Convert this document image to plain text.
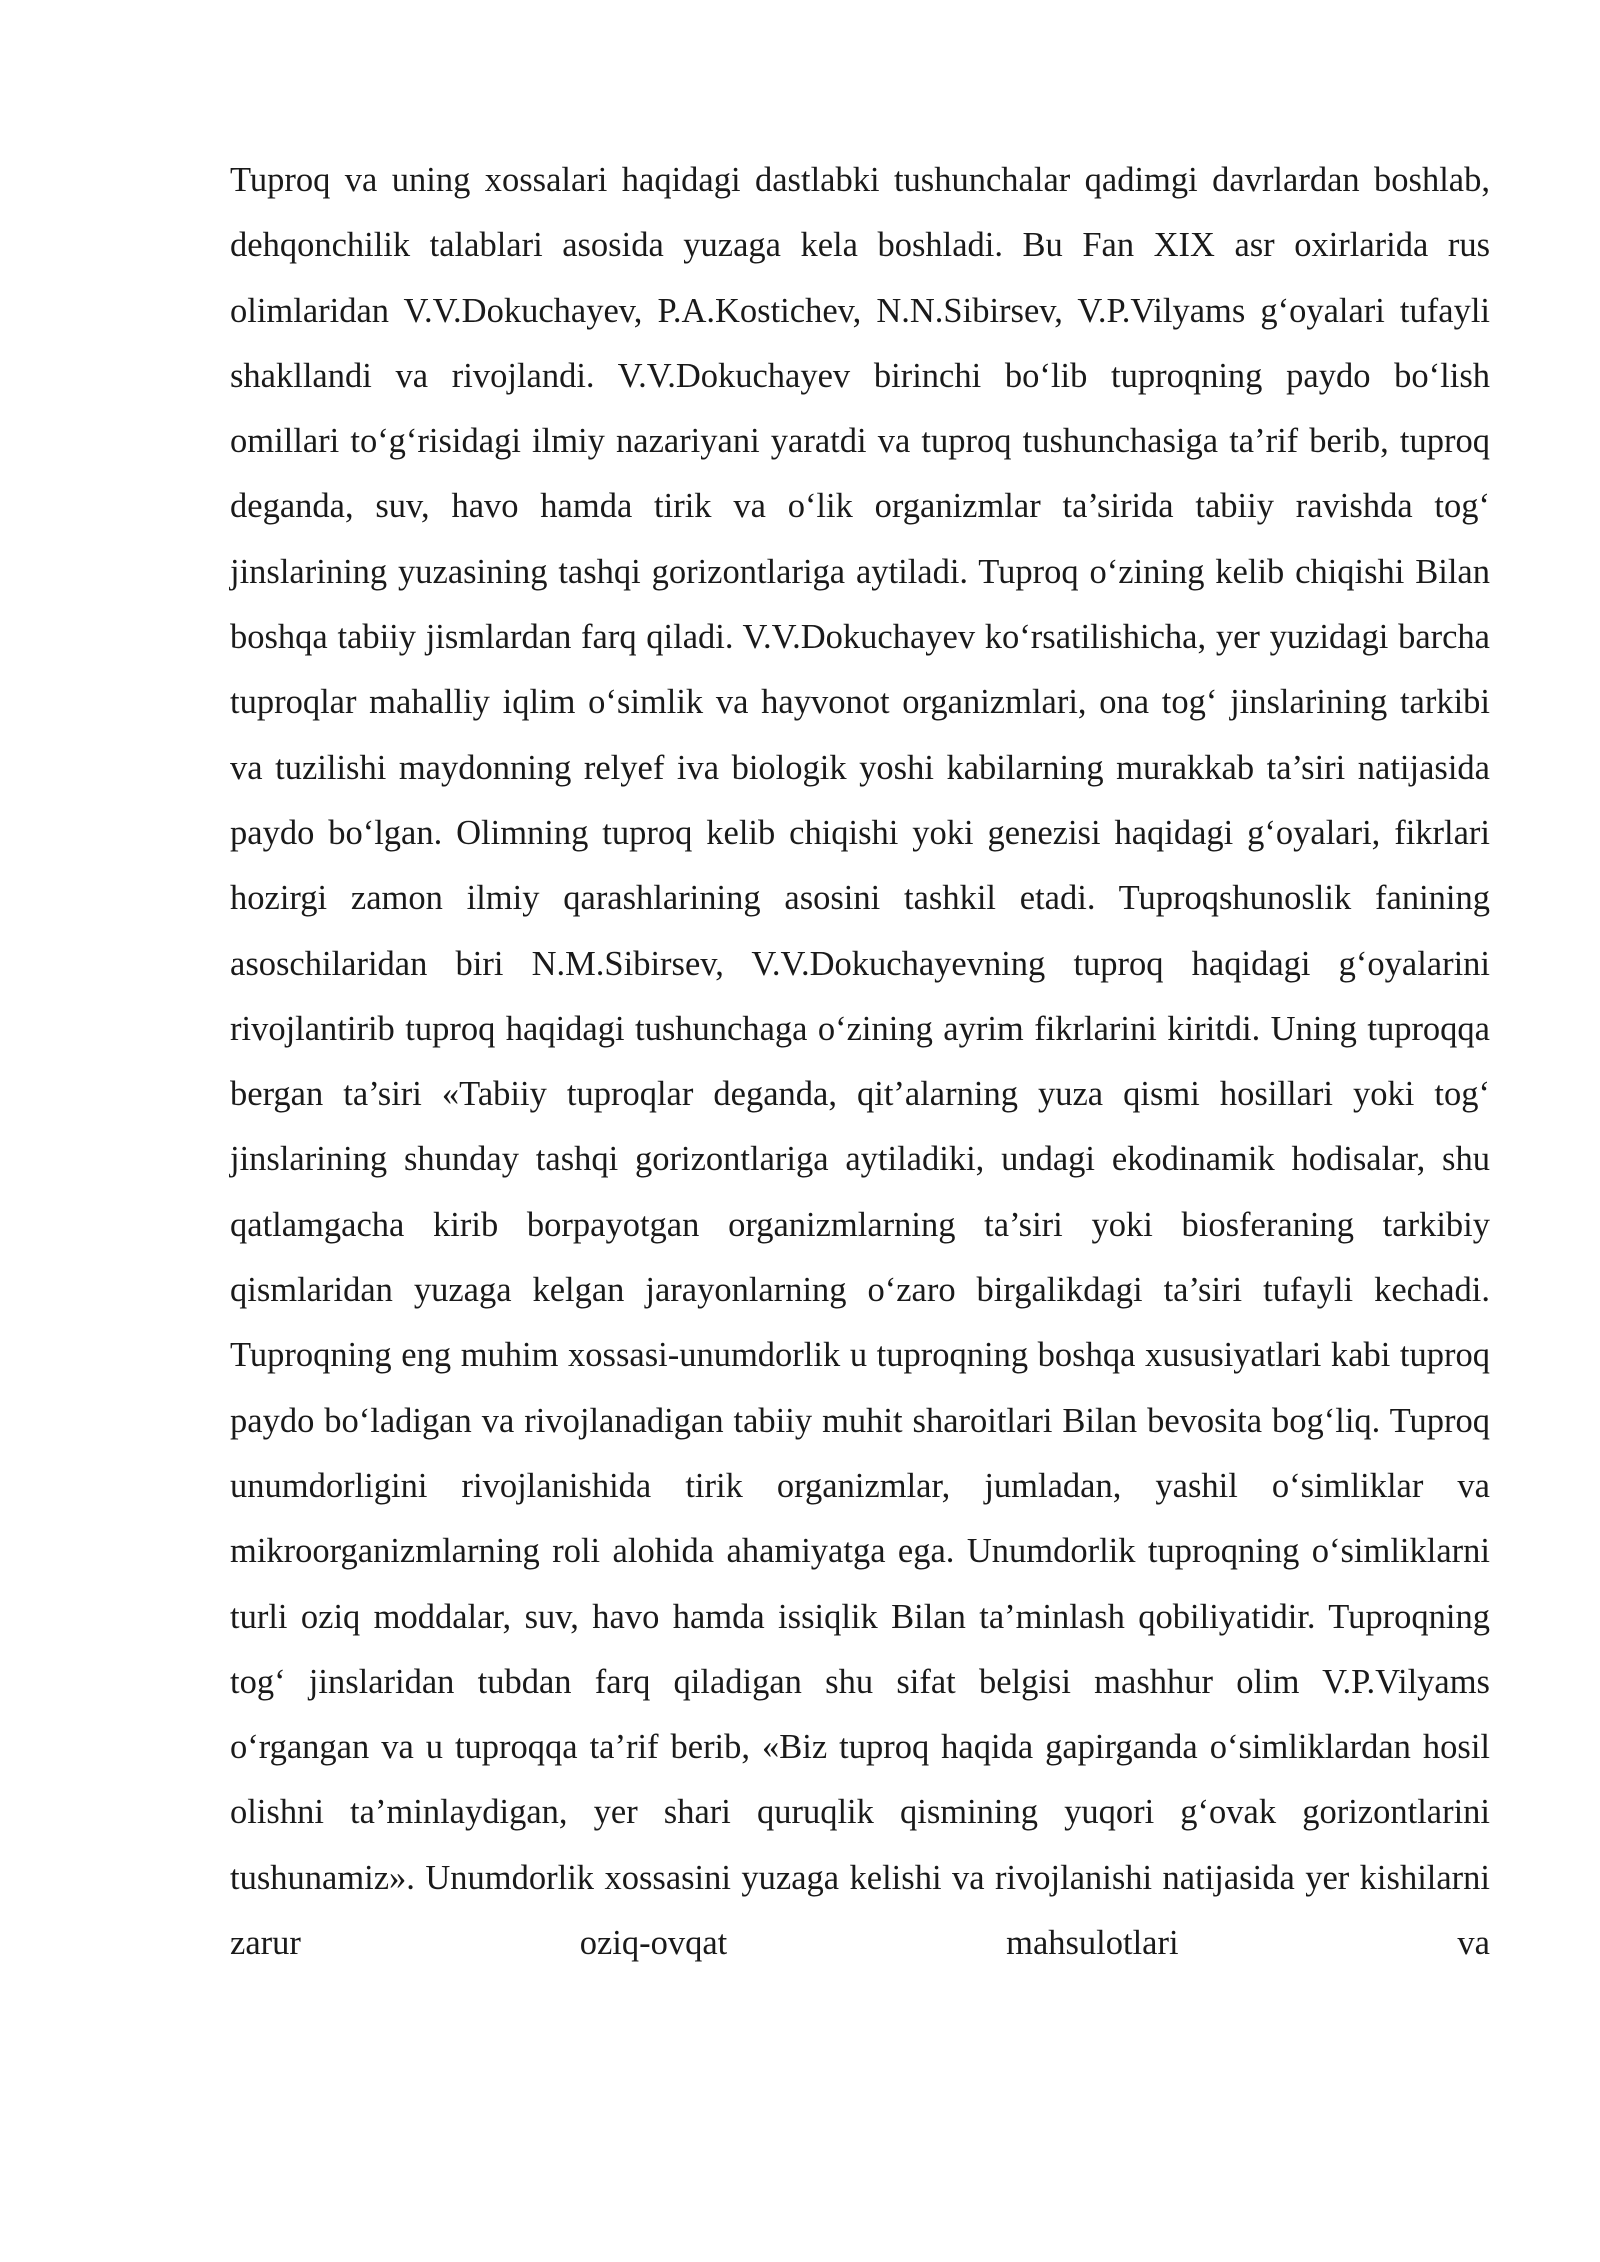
Tuproq va uning xossalari haqidagi dastlabki tushunchalar qadimgi davrlardan boshlab, dehqonchilik talablari asosida yuzaga kela boshladi. Bu Fan XIX asr oxirlarida rus olimlaridan V.V.Dokuchayev, P.A.Kostichev, N.N.Sibirsev, V.P.Vilyams g‘oyalari tufayli shakllandi va rivojlandi. V.V.Dokuchayev birinchi bo‘lib tuproqning paydo bo‘lish omillari to‘g‘risidagi ilmiy nazariyani yaratdi va tuproq tushunchasiga ta’rif berib, tuproq deganda, suv, havo hamda tirik va o‘lik organizmlar ta’sirida tabiiy ravishda tog‘ jinslarining yuzasining tashqi gorizontlariga aytiladi. Tuproq o‘zining kelib chiqishi Bilan boshqa tabiiy jismlardan farq qiladi. V.V.Dokuchayev ko‘rsatilishicha, yer yuzidagi barcha tuproqlar mahalliy iqlim o‘simlik va hayvonot organizmlari, ona tog‘ jinslarining tarkibi va tuzilishi maydonning relyef iva biologik yoshi kabilarning murakkab ta’siri natijasida paydo bo‘lgan. Olimning tuproq kelib chiqishi yoki genezisi haqidagi g‘oyalari, fikrlari hozirgi zamon ilmiy qarashlarining asosini tashkil etadi. Tuproqshunoslik fanining asoschilaridan biri N.M.Sibirsev, V.V.Dokuchayevning tuproq haqidagi g‘oyalarini rivojlantirib tuproq haqidagi tushunchaga o‘zining ayrim fikrlarini kiritdi. Uning tuproqqa bergan ta’siri «Tabiiy tuproqlar deganda, qit’alarning yuza qismi hosillari yoki tog‘ jinslarining shunday tashqi gorizontlariga aytiladiki, undagi ekodinamik hodisalar, shu qatlamgacha kirib borpayotgan organizmlarning ta’siri yoki biosferaning tarkibiy qismlaridan yuzaga kelgan jarayonlarning o‘zaro birgalikdagi ta’siri tufayli kechadi. Tuproqning eng muhim xossasi-unumdorlik u tuproqning boshqa xususiyatlari kabi tuproq paydo bo‘ladigan va rivojlanadigan tabiiy muhit sharoitlari Bilan bevosita bog‘liq. Tuproq unumdorligini rivojlanishida tirik organizmlar, jumladan, yashil o‘simliklar va mikroorganizmlarning roli alohida ahamiyatga ega. Unumdorlik tuproqning o‘simliklarni turli oziq moddalar, suv, havo hamda issiqlik Bilan ta’minlash qobiliyatidir. Tuproqning tog‘ jinslaridan tubdan farq qiladigan shu sifat belgisi mashhur olim V.P.Vilyams o‘rgangan va u tuproqqa ta’rif berib, «Biz tuproq haqida gapirganda o‘simliklardan hosil olishni ta’minlaydigan, yer shari quruqlik qismining yuqori g‘ovak gorizontlarini tushunamiz». Unumdorlik xossasini yuzaga kelishi va rivojlanishi natijasida yer kishilarni zarur oziq-ovqat mahsulotlari va
